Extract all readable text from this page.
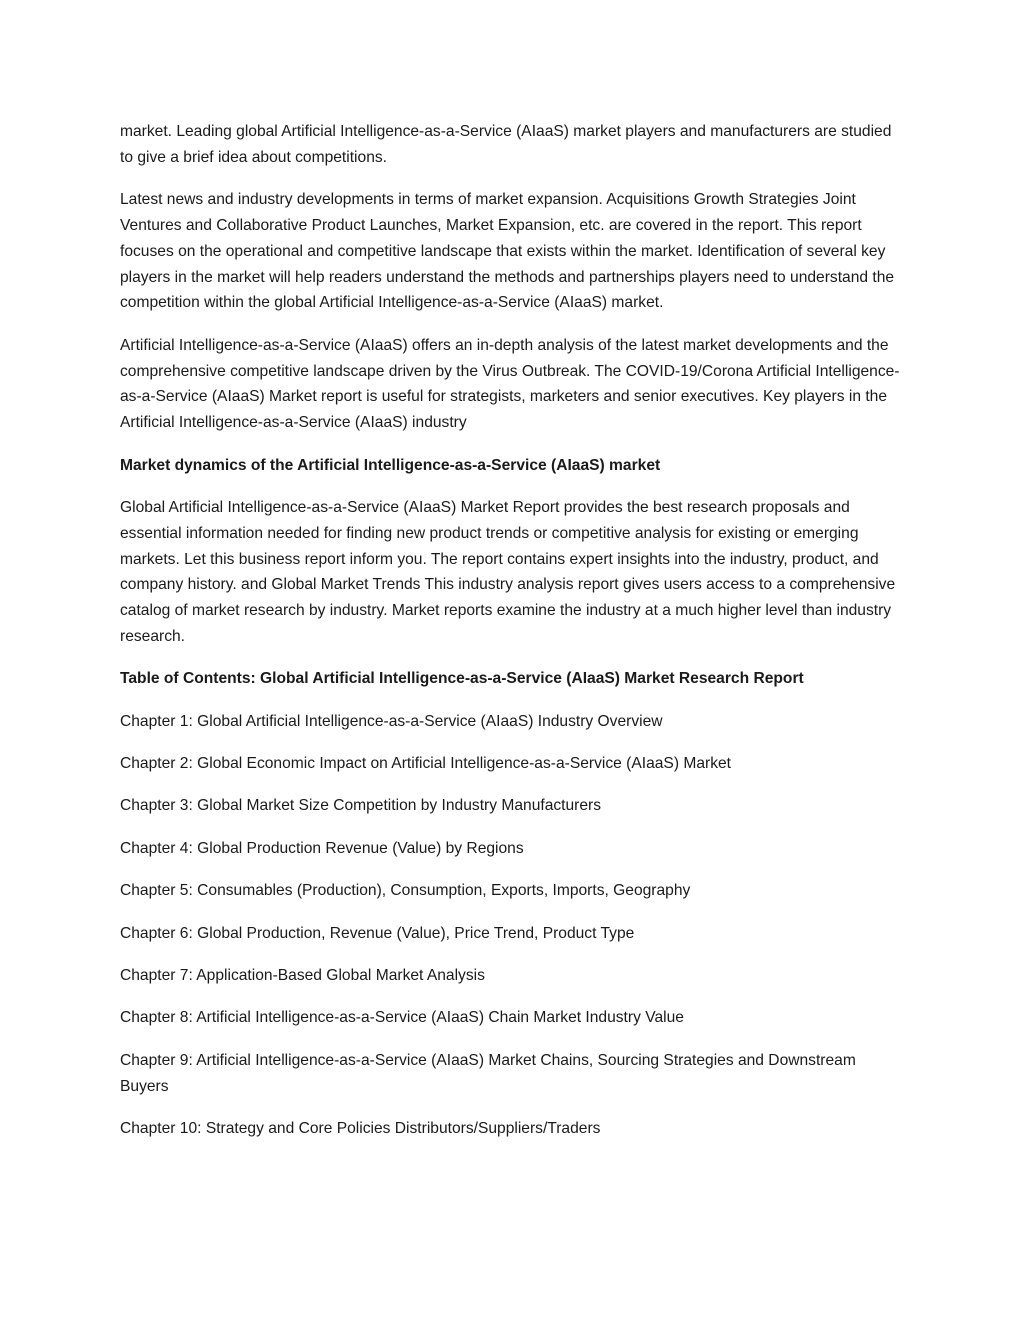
market. Leading global Artificial Intelligence-as-a-Service (AIaaS) market players and manufacturers are studied to give a brief idea about competitions.

Latest news and industry developments in terms of market expansion. Acquisitions Growth Strategies Joint Ventures and Collaborative Product Launches, Market Expansion, etc. are covered in the report. This report focuses on the operational and competitive landscape that exists within the market. Identification of several key players in the market will help readers understand the methods and partnerships players need to understand the competition within the global Artificial Intelligence-as-a-Service (AIaaS) market.

Artificial Intelligence-as-a-Service (AIaaS) offers an in-depth analysis of the latest market developments and the comprehensive competitive landscape driven by the Virus Outbreak. The COVID-19/Corona Artificial Intelligence-as-a-Service (AIaaS) Market report is useful for strategists, marketers and senior executives. Key players in the Artificial Intelligence-as-a-Service (AIaaS) industry

Market dynamics of the Artificial Intelligence-as-a-Service (AIaaS) market

Global Artificial Intelligence-as-a-Service (AIaaS) Market Report provides the best research proposals and essential information needed for finding new product trends or competitive analysis for existing or emerging markets. Let this business report inform you. The report contains expert insights into the industry, product, and company history. and Global Market Trends This industry analysis report gives users access to a comprehensive catalog of market research by industry. Market reports examine the industry at a much higher level than industry research.

Table of Contents: Global Artificial Intelligence-as-a-Service (AIaaS) Market Research Report

Chapter 1: Global Artificial Intelligence-as-a-Service (AIaaS) Industry Overview

Chapter 2: Global Economic Impact on Artificial Intelligence-as-a-Service (AIaaS) Market

Chapter 3: Global Market Size Competition by Industry Manufacturers

Chapter 4: Global Production Revenue (Value) by Regions

Chapter 5: Consumables (Production), Consumption, Exports, Imports, Geography

Chapter 6: Global Production, Revenue (Value), Price Trend, Product Type

Chapter 7: Application-Based Global Market Analysis

Chapter 8: Artificial Intelligence-as-a-Service (AIaaS) Chain Market Industry Value

Chapter 9: Artificial Intelligence-as-a-Service (AIaaS) Market Chains, Sourcing Strategies and Downstream Buyers

Chapter 10: Strategy and Core Policies Distributors/Suppliers/Traders
